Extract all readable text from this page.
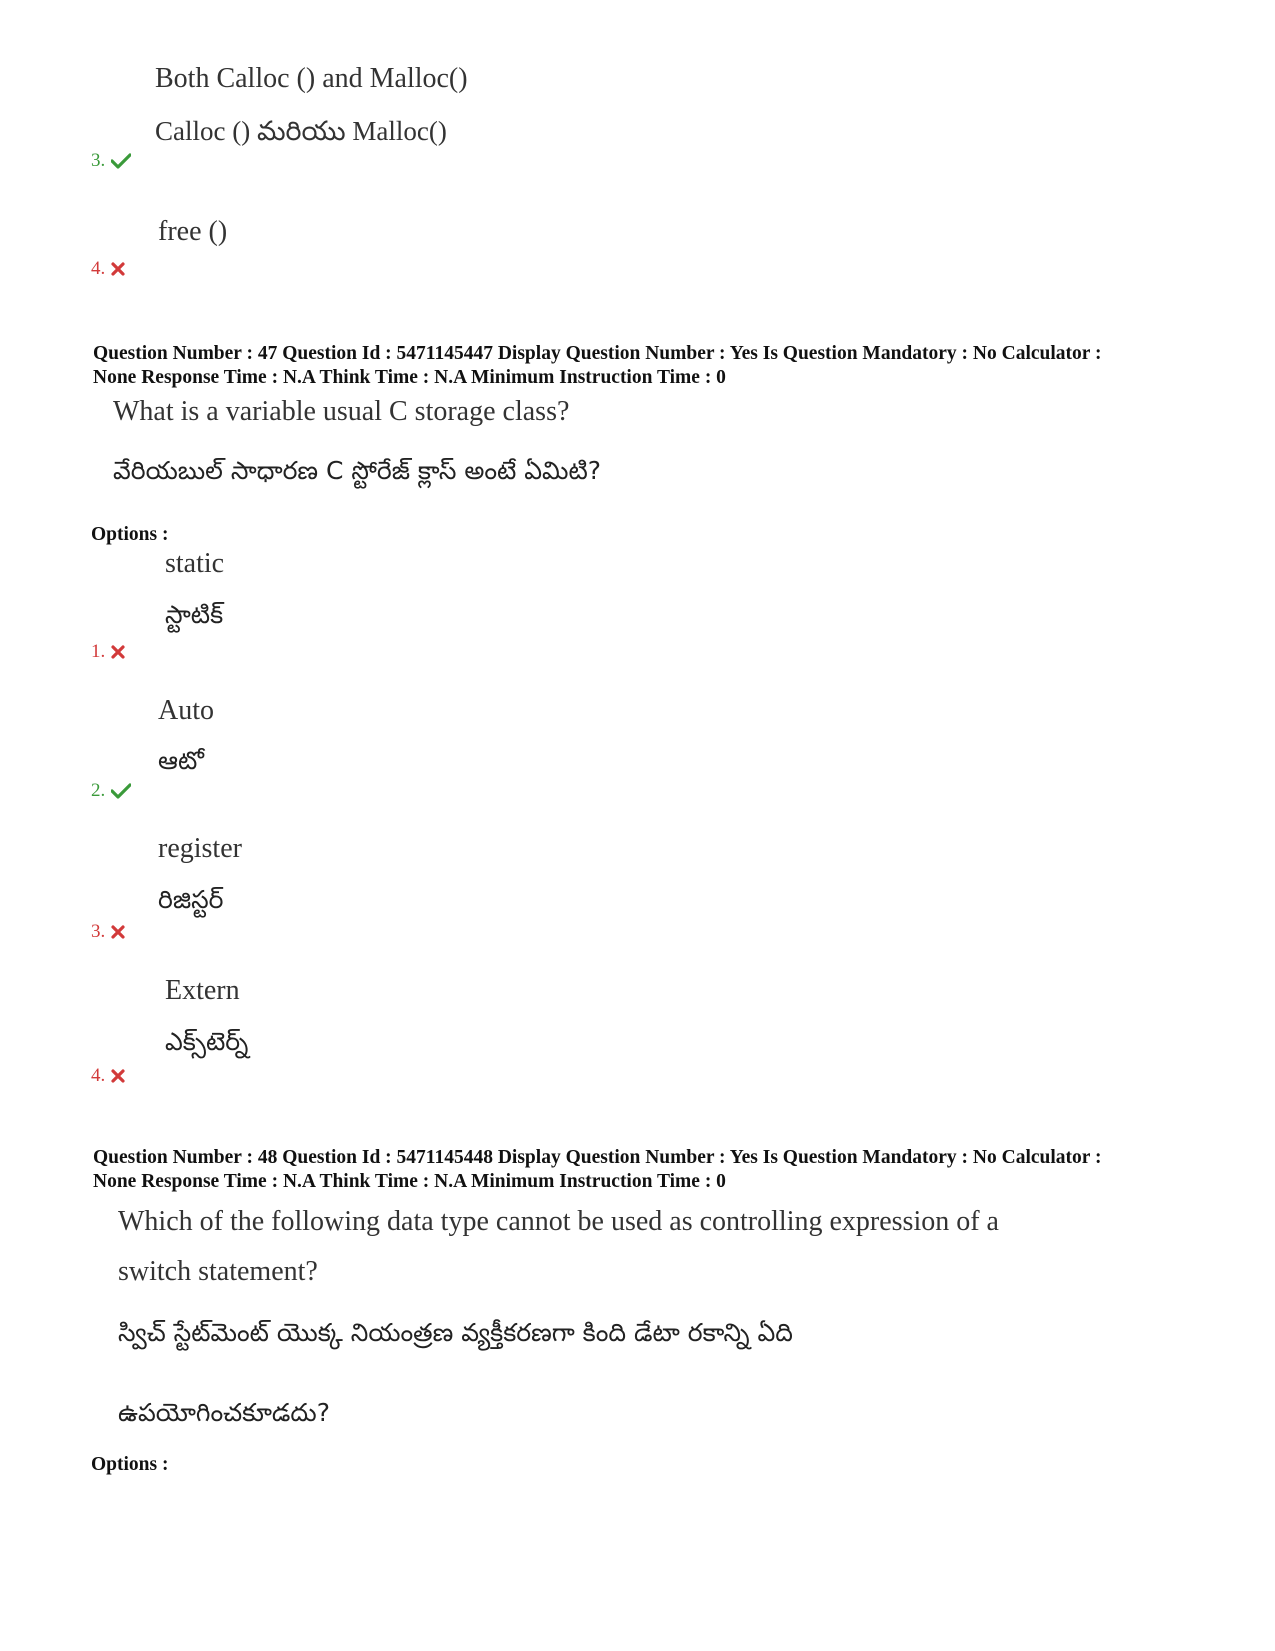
Both Calloc () and Malloc()
Calloc () మరియు Malloc()
3.
free ()
4.
Question Number : 47 Question Id : 5471145447 Display Question Number : Yes Is Question Mandatory : No Calculator :
None Response Time : N.A Think Time : N.A Minimum Instruction Time : 0
What is a variable usual C storage class?
వేరియబుల్ సాధారణ C స్టోరేజ్ క్లాస్ అంటే ఏమిటి?
Options :
static
స్టాటిక్
1.
Auto
ఆటో
2.
register
రిజిస్టర్
3.
Extern
ఎక్స్‌టెర్న్
4.
Question Number : 48 Question Id : 5471145448 Display Question Number : Yes Is Question Mandatory : No Calculator :
None Response Time : N.A Think Time : N.A Minimum Instruction Time : 0
Which of the following data type cannot be used as controlling expression of a
switch statement?
స్విచ్ స్టేట్‌మెంట్ యొక్క నియంత్రణ వ్యక్తీకరణగా కింది డేటా రకాన్ని ఏది
ఉపయోగించకూడదు?
Options :
